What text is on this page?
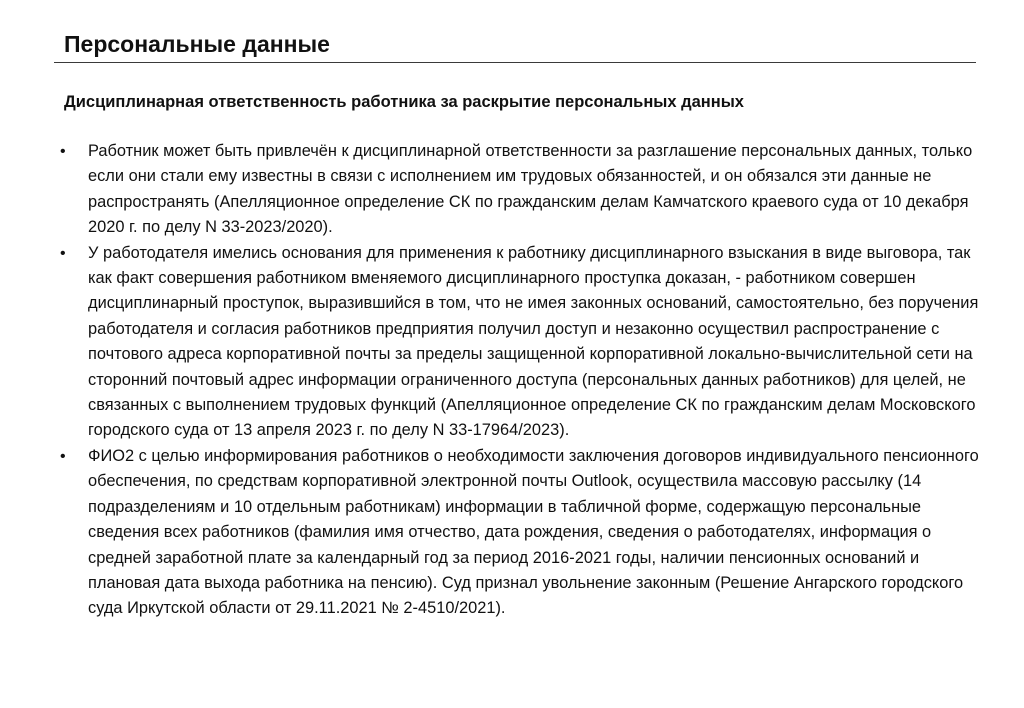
Персональные данные
Дисциплинарная ответственность работника за раскрытие персональных данных
•	Работник может быть привлечён к дисциплинарной ответственности за разглашение персональных данных, только если они стали ему известны в связи с исполнением им трудовых обязанностей, и он обязался эти данные не распространять (Апелляционное определение СК по гражданским делам Камчатского краевого суда от 10 декабря 2020 г. по делу N 33-2023/2020).
•	У работодателя имелись основания для применения к работнику дисциплинарного взыскания в виде выговора, так как факт совершения работником вменяемого дисциплинарного проступка доказан, - работником совершен дисциплинарный проступок, выразившийся в том, что не имея законных оснований, самостоятельно, без поручения работодателя и согласия работников предприятия получил доступ и незаконно осуществил распространение с почтового адреса корпоративной почты за пределы защищенной корпоративной локально-вычислительной сети на сторонний почтовый адрес информации ограниченного доступа (персональных данных работников) для целей, не связанных с выполнением трудовых функций (Апелляционное определение СК по гражданским делам Московского городского суда от 13 апреля 2023 г. по делу N 33-17964/2023).
•	ФИО2 с целью информирования работников о необходимости заключения договоров индивидуального пенсионного обеспечения, по средствам корпоративной электронной почты Outlook, осуществила массовую рассылку (14 подразделениям и 10 отдельным работникам) информации в табличной форме, содержащую персональные сведения всех работников (фамилия имя отчество, дата рождения, сведения о работодателях, информация о средней заработной плате за календарный год за период 2016-2021 годы, наличии пенсионных оснований и плановая дата выхода работника на пенсию). Суд признал увольнение законным (Решение Ангарского городского суда Иркутской области от 29.11.2021 № 2-4510/2021).
